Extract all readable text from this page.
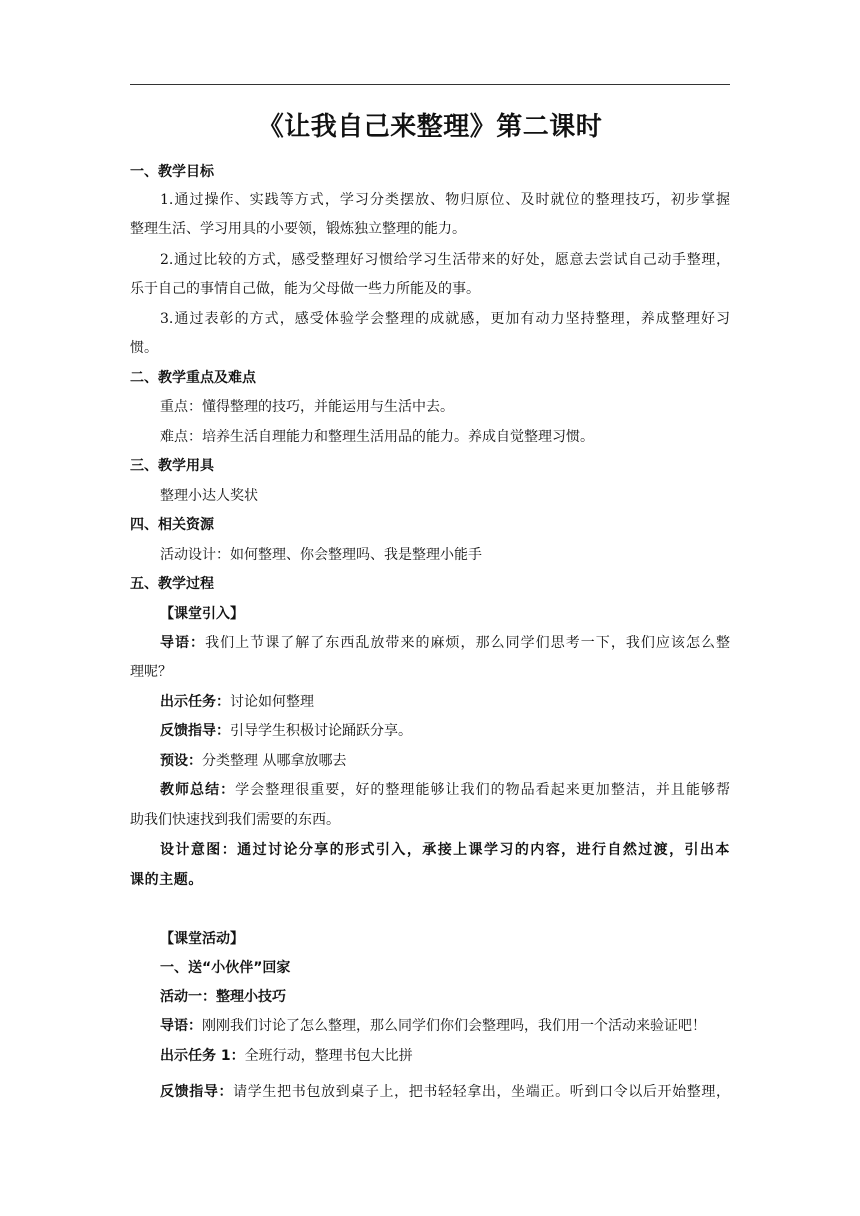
《让我自己来整理》第二课时

一、教学目标

1.通过操作、实践等方式，学习分类摆放、物归原位、及时就位的整理技巧，初步掌握

整理生活、学习用具的小要领，锻炼独立整理的能力。

2.通过比较的方式，感受整理好习惯给学习生活带来的好处，愿意去尝试自己动手整理，

乐于自己的事情自己做，能为父母做一些力所能及的事。

3.通过表彰的方式，感受体验学会整理的成就感，更加有动力坚持整理，养成整理好习

惯。

二、教学重点及难点

重点：懂得整理的技巧，并能运用与生活中去。

难点：培养生活自理能力和整理生活用品的能力。养成自觉整理习惯。

三、教学用具

整理小达人奖状

四、相关资源

活动设计：如何整理、你会整理吗、我是整理小能手

五、教学过程

【课堂引入】

导语：我们上节课了解了东西乱放带来的麻烦，那么同学们思考一下，我们应该怎么整

理呢？

出示任务：讨论如何整理

反馈指导：引导学生积极讨论踊跃分享。

预设：分类整理 从哪拿放哪去

教师总结：学会整理很重要，好的整理能够让我们的物品看起来更加整洁，并且能够帮

助我们快速找到我们需要的东西。

设计意图：通过讨论分享的形式引入，承接上课学习的内容，进行自然过渡，引出本

课的主题。

【课堂活动】

一、送“小伙伴”回家

活动一：整理小技巧

导语：刚刚我们讨论了怎么整理，那么同学们你们会整理吗，我们用一个活动来验证吧！

出示任务 1：全班行动，整理书包大比拼

反馈指导：请学生把书包放到桌子上，把书轻轻拿出，坐端正。听到口令以后开始整理，
